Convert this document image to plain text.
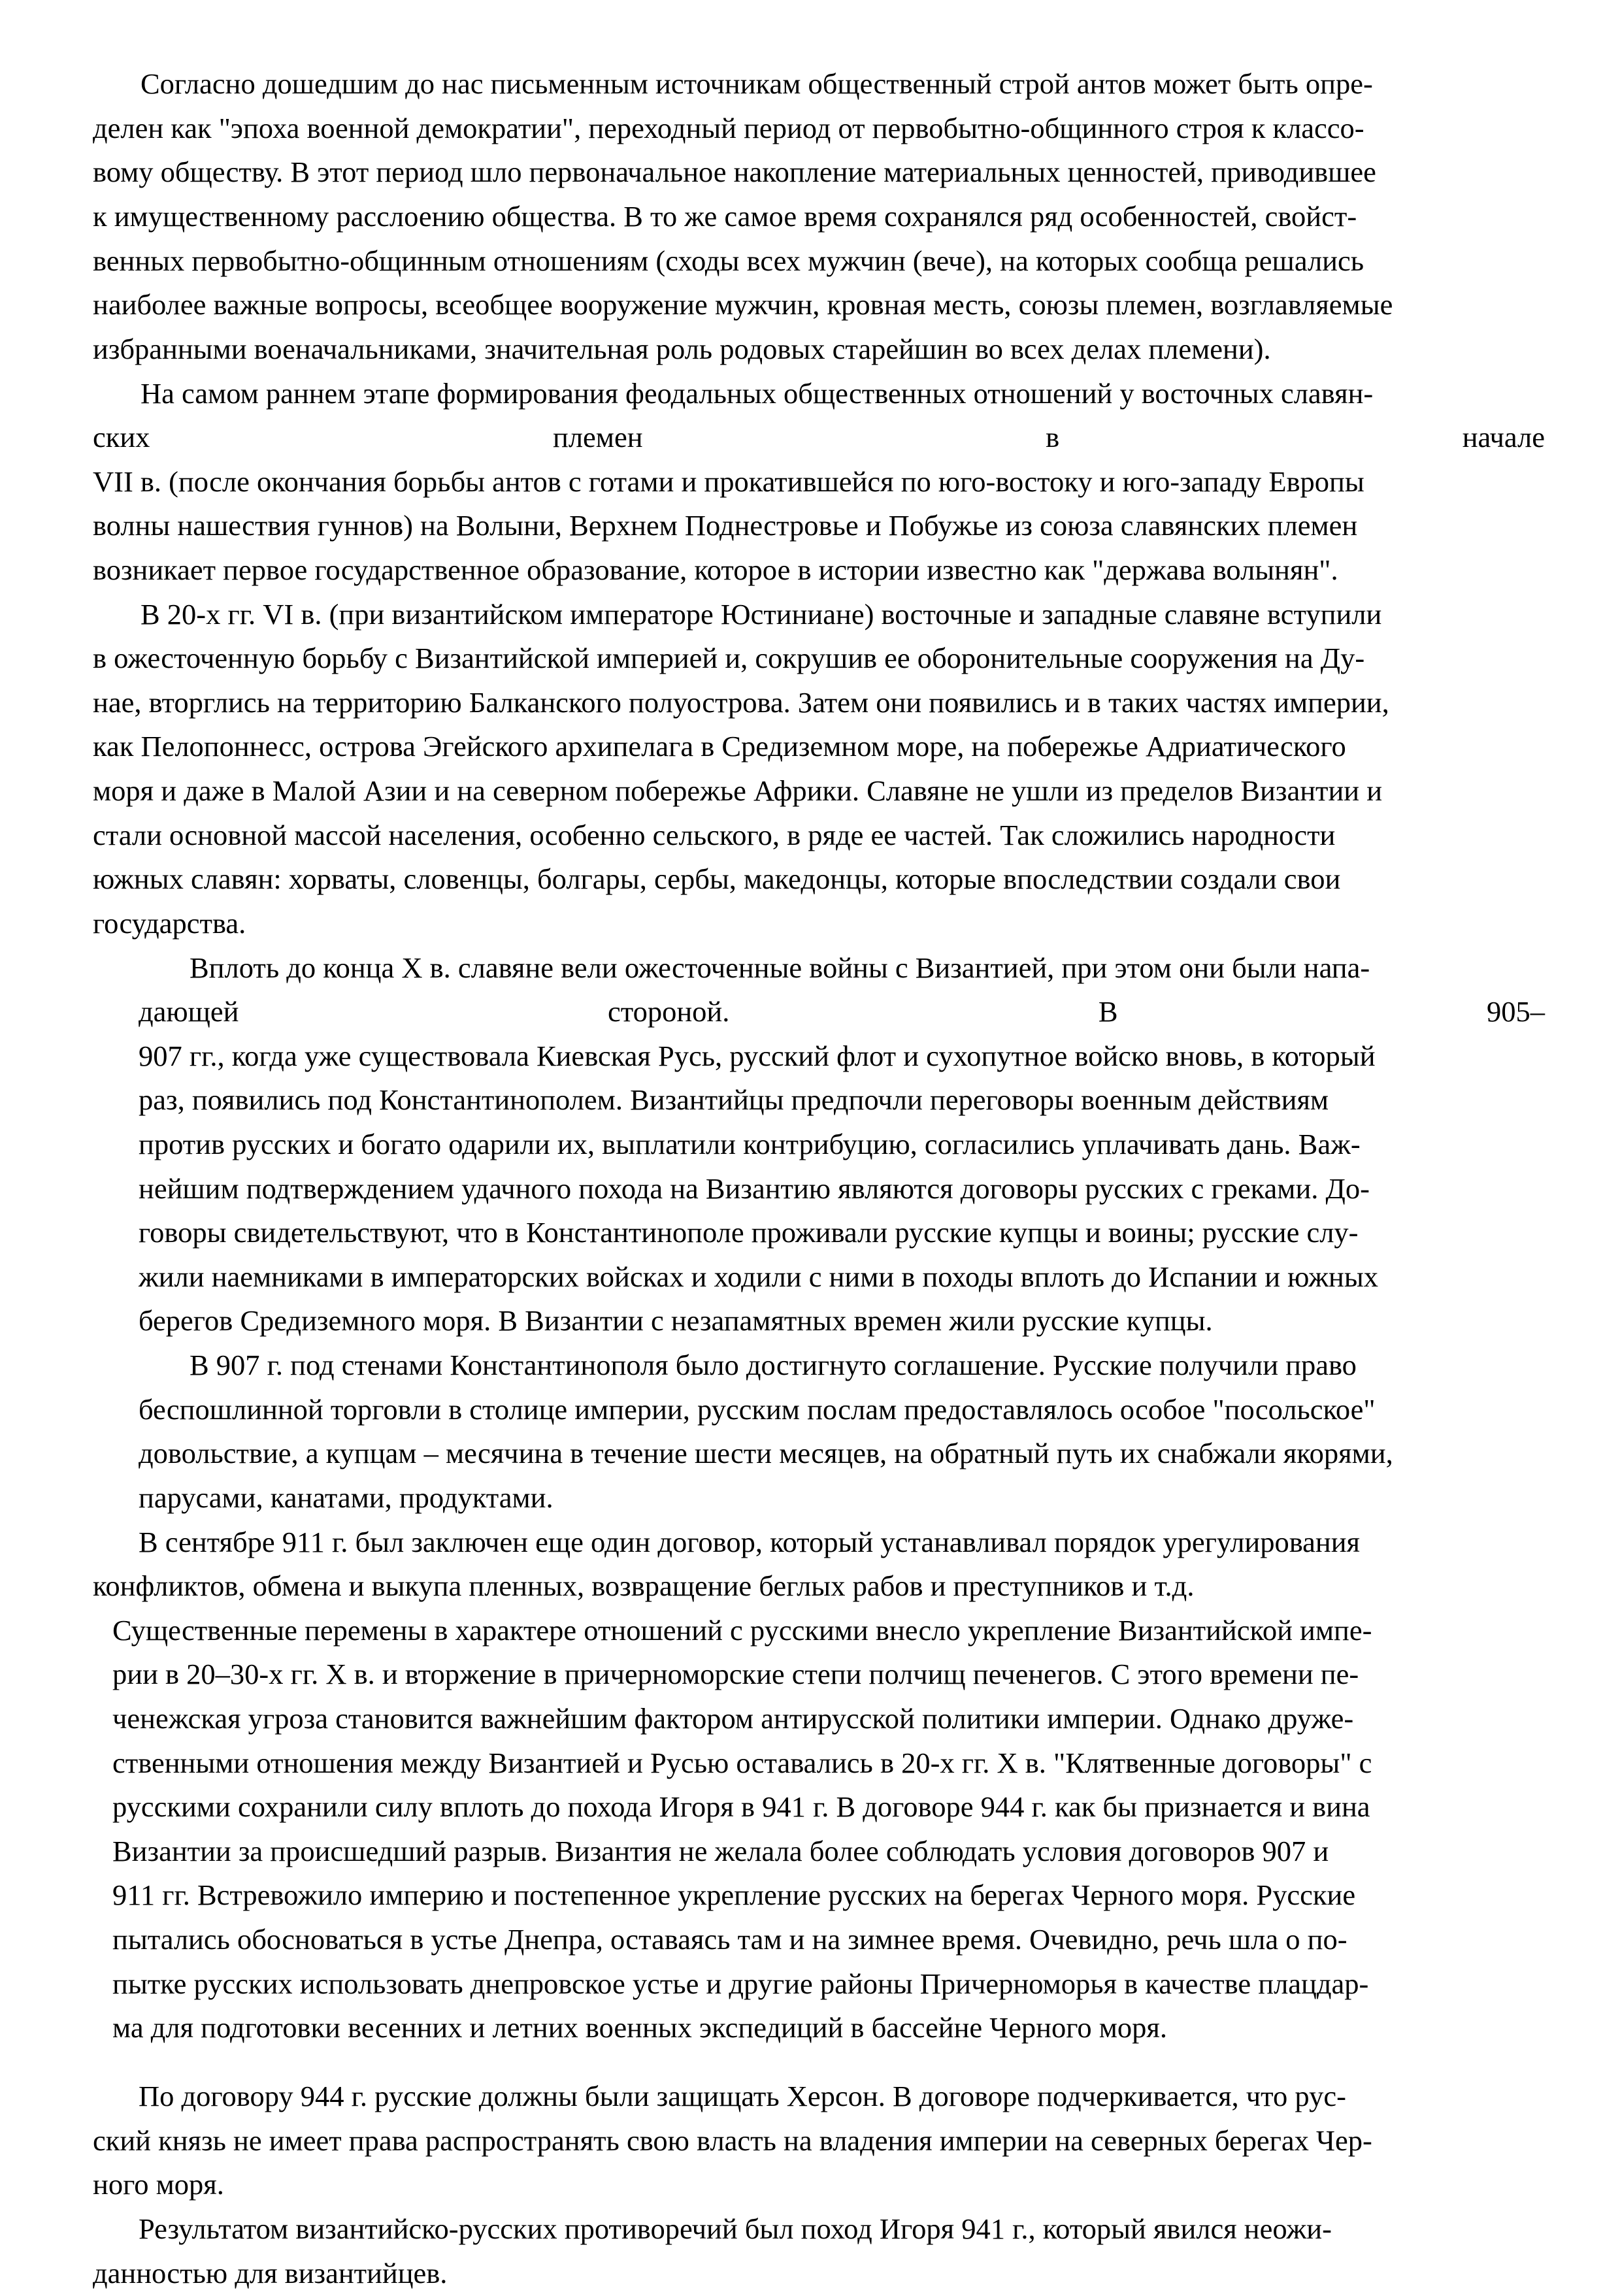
Согласно дошедшим до нас письменным источникам общественный строй антов может быть опре-
делен как "эпоха военной демократии", переходный период от первобытно-общинного строя к классо-
вому обществу. В этот период шло первоначальное накопление материальных ценностей, приводившее
к имущественному расслоению общества. В то же самое время сохранялся ряд особенностей, свойст-
венных первобытно-общинным отношениям (сходы всех мужчин (вече), на которых сообща решались
наиболее важные вопросы, всеобщее вооружение мужчин, кровная месть, союзы племен, возглавляемые
избранными военачальниками, значительная роль родовых старейшин во всех делах племени).
На самом раннем этапе формирования феодальных общественных отношений у восточных славян-
ских	племен	в	начале
VII в. (после окончания борьбы антов с готами и прокатившейся по юго-востоку и юго-западу Европы
волны нашествия гуннов) на Волыни, Верхнем Поднестровье и Побужье из союза славянских племен
возникает первое государственное образование, которое в истории известно как "держава волынян".
В 20-х гг. VI в. (при византийском императоре Юстиниане) восточные и западные славяне вступили
в ожесточенную борьбу с Византийской империей и, сокрушив ее оборонительные сооружения на Ду-
нае, вторглись на территорию Балканского полуострова. Затем они появились и в таких частях империи,
как Пелопоннесс, острова Эгейского архипелага в Средиземном море, на побережье Адриатического
моря и даже в Малой Азии и на северном побережье Африки. Славяне не ушли из пределов Византии и
стали основной массой населения, особенно сельского, в ряде ее частей. Так сложились народности
южных славян: хорваты, словенцы, болгары, сербы, македонцы, которые впоследствии создали свои
государства.
Вплоть до конца X в. славяне вели ожесточенные войны с Византией, при этом они были напа-
дающей	стороной.	В	905–
907 гг., когда уже существовала Киевская Русь, русский флот и сухопутное войско вновь, в который
раз, появились под Константинополем. Византийцы предпочли переговоры военным действиям
против русских и богато одарили их, выплатили контрибуцию, согласились уплачивать дань. Важ-
нейшим подтверждением удачного похода на Византию являются договоры русских с греками. До-
говоры свидетельствуют, что в Константинополе проживали русские купцы и воины; русские слу-
жили наемниками в императорских войсках и ходили с ними в походы вплоть до Испании и южных
берегов Средиземного моря. В Византии с незапамятных времен жили русские купцы.
В 907 г. под стенами Константинополя было достигнуто соглашение. Русские получили право
беспошлинной торговли в столице империи, русским послам предоставлялось особое "посольское"
довольствие, а купцам – месячина в течение шести месяцев, на обратный путь их снабжали якорями,
парусами, канатами, продуктами.
В сентябре 911 г. был заключен еще один договор, который устанавливал порядок урегулирования
конфликтов, обмена и выкупа пленных, возвращение беглых рабов и преступников и т.д.
Существенные перемены в характере отношений с русскими внесло укрепление Византийской импе-
рии в 20–30-х гг. X в. и вторжение в причерноморские степи полчищ печенегов. С этого времени пе-
ченежская угроза становится важнейшим фактором антирусской политики империи. Однако друже-
ственными отношения между Византией и Русью оставались в 20-х гг. X в. "Клятвенные договоры" с
русскими сохранили силу вплоть до похода Игоря в 941 г. В договоре 944 г. как бы признается и вина
Византии за происшедший разрыв. Византия не желала более соблюдать условия договоров 907 и
911 гг. Встревожило империю и постепенное укрепление русских на берегах Черного моря. Русские
пытались обосноваться в устье Днепра, оставаясь там и на зимнее время. Очевидно, речь шла о по-
пытке русских использовать днепровское устье и другие районы Причерноморья в качестве плацдар-
ма для подготовки весенних и летних военных экспедиций в бассейне Черного моря.
По договору 944 г. русские должны были защищать Херсон. В договоре подчеркивается, что рус-
ский князь не имеет права распространять свою власть на владения империи на северных берегах Чер-
ного моря.
Результатом византийско-русских противоречий был поход Игоря 941 г., который явился неожи-
данностью для византийцев.
